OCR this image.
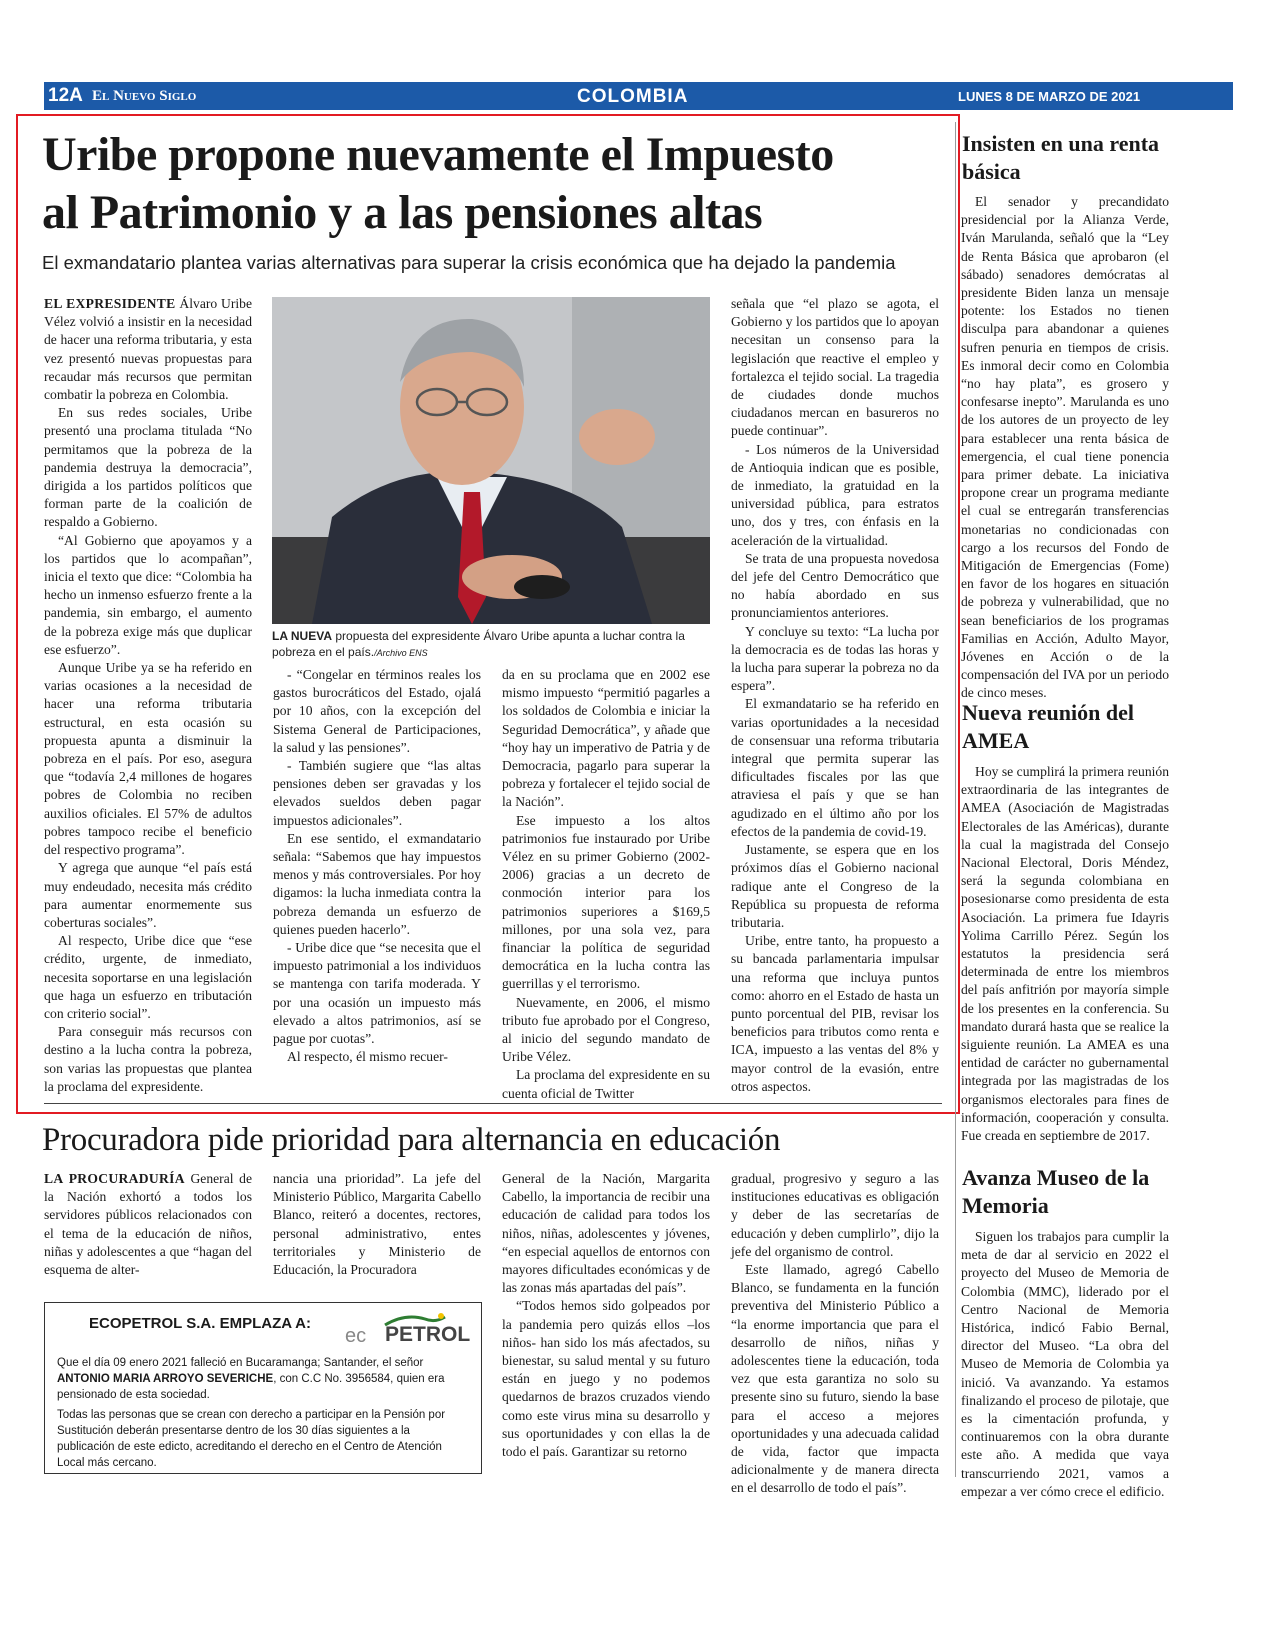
12A El Nuevo Siglo	COLOMBIA	LUNES 8 DE MARZO DE 2021
Uribe propone nuevamente el Impuesto
al Patrimonio y a las pensiones altas
El exmandatario plantea varias alternativas para superar la crisis económica que ha dejado la pandemia

EL EXPRESIDENTE Álvaro Uribe Vélez volvió a insistir en la necesidad de hacer una reforma tributaria, y esta vez presentó nuevas propuestas para recaudar más recursos que permitan combatir la pobreza en Colombia.

En sus redes sociales, Uribe presentó una proclama titulada “No permitamos que la pobreza de la pandemia destruya la democracia”, dirigida a los partidos políticos que forman parte de la coalición de respaldo a Gobierno.

“Al Gobierno que apoyamos y a los partidos que lo acompañan”, inicia el texto que dice: “Colombia ha hecho un inmenso esfuerzo frente a la pandemia, sin embargo, el aumento de la pobreza exige más que duplicar ese esfuerzo”.

Aunque Uribe ya se ha referido en varias ocasiones a la necesidad de hacer una reforma tributaria estructural, en esta ocasión su propuesta apunta a disminuir la pobreza en el país. Por eso, asegura que “todavía 2,4 millones de hogares pobres de Colombia no reciben auxilios oficiales. El 57% de adultos pobres tampoco recibe el beneficio del respectivo programa”.

Y agrega que aunque “el país está muy endeudado, necesita más crédito para aumentar enormemente sus coberturas sociales”.

Al respecto, Uribe dice que “ese crédito, urgente, de inmediato, necesita soportarse en una legislación que haga un esfuerzo en tributación con criterio social”.

Para conseguir más recursos con destino a la lucha contra la pobreza, son varias las propuestas que plantea la proclama del expresidente.

LA NUEVA propuesta del expresidente Álvaro Uribe apunta a luchar contra la pobreza en el país./Archivo ENS

- “Congelar en términos reales los gastos burocráticos del Estado, ojalá por 10 años, con la excepción del Sistema General de Participaciones, la salud y las pensiones”.

- También sugiere que “las altas pensiones deben ser gravadas y los elevados sueldos deben pagar impuestos adicionales”.

En ese sentido, el exmandatario señala: “Sabemos que hay impuestos menos y más controversiales. Por hoy digamos: la lucha inmediata contra la pobreza demanda un esfuerzo de quienes pueden hacerlo”.

- Uribe dice que “se necesita que el impuesto patrimonial a los individuos se mantenga con tarifa moderada. Y por una ocasión un impuesto más elevado a altos patrimonios, así se pague por cuotas”.

Al respecto, él mismo recuer-

da en su proclama que en 2002 ese mismo impuesto “permitió pagarles a los soldados de Colombia e iniciar la Seguridad Democrática”, y añade que “hoy hay un imperativo de Patria y de Democracia, pagarlo para superar la pobreza y fortalecer el tejido social de la Nación”.

Ese impuesto a los altos patrimonios fue instaurado por Uribe Vélez en su primer Gobierno (2002-2006) gracias a un decreto de conmoción interior para los patrimonios superiores a $169,5 millones, por una sola vez, para financiar la política de seguridad democrática en la lucha contra las guerrillas y el terrorismo.

Nuevamente, en 2006, el mismo tributo fue aprobado por el Congreso, al inicio del segundo mandato de Uribe Vélez.

La proclama del expresidente en su cuenta oficial de Twitter

señala que “el plazo se agota, el Gobierno y los partidos que lo apoyan necesitan un consenso para la legislación que reactive el empleo y fortalezca el tejido social. La tragedia de ciudades donde muchos ciudadanos mercan en basureros no puede continuar”.

- Los números de la Universidad de Antioquia indican que es posible, de inmediato, la gratuidad en la universidad pública, para estratos uno, dos y tres, con énfasis en la aceleración de la virtualidad.

Se trata de una propuesta novedosa del jefe del Centro Democrático que no había abordado en sus pronunciamientos anteriores.

Y concluye su texto: “La lucha por la democracia es de todas las horas y la lucha para superar la pobreza no da espera”.

El exmandatario se ha referido en varias oportunidades a la necesidad de consensuar una reforma tributaria integral que permita superar las dificultades fiscales por las que atraviesa el país y que se han agudizado en el último año por los efectos de la pandemia de covid-19.

Justamente, se espera que en los próximos días el Gobierno nacional radique ante el Congreso de la República su propuesta de reforma tributaria.

Uribe, entre tanto, ha propuesto a su bancada parlamentaria impulsar una reforma que incluya puntos como: ahorro en el Estado de hasta un punto porcentual del PIB, revisar los beneficios para tributos como renta e ICA, impuesto a las ventas del 8% y mayor control de la evasión, entre otros aspectos.

Procuradora pide prioridad para alternancia en educación

LA PROCURADURÍA General de la Nación exhortó a todos los servidores públicos relacionados con el tema de la educación de niños, niñas y adolescentes a que “hagan del esquema de alter-

nancia una prioridad”. La jefe del Ministerio Público, Margarita Cabello Blanco, reiteró a docentes, rectores, personal administrativo, entes territoriales y Ministerio de Educación, la Procuradora

General de la Nación, Margarita Cabello, la importancia de recibir una educación de calidad para todos los niños, niñas, adolescentes y jóvenes, “en especial aquellos de entornos con mayores dificultades económicas y de las zonas más apartadas del país”.

“Todos hemos sido golpeados por la pandemia pero quizás ellos –los niños- han sido los más afectados, su bienestar, su salud mental y su futuro están en juego y no podemos quedarnos de brazos cruzados viendo como este virus mina su desarrollo y sus oportunidades y con ellas la de todo el país. Garantizar su retorno

gradual, progresivo y seguro a las instituciones educativas es obligación y deber de las secretarías de educación y deben cumplirlo”, dijo la jefe del organismo de control.

Este llamado, agregó Cabello Blanco, se fundamenta en la función preventiva del Ministerio Público a “la enorme importancia que para el desarrollo de niños, niñas y adolescentes tiene la educación, toda vez que esta garantiza no solo su presente sino su futuro, siendo la base para el acceso a mejores oportunidades y una adecuada calidad de vida, factor que impacta adicionalmente y de manera directa en el desarrollo de todo el país”.

ECOPETROL S.A. EMPLAZA A:
ec PETROL
Que el día 09 enero 2021 falleció en Bucaramanga; Santander, el señor ANTONIO MARIA ARROYO SEVERICHE, con C.C No. 3956584, quien era pensionado de esta sociedad.
Todas las personas que se crean con derecho a participar en la Pensión por Sustitución deberán presentarse dentro de los 30 días siguientes a la publicación de este edicto, acreditando el derecho en el Centro de Atención Local más cercano.
Insisten en una renta básica

El senador y precandidato presidencial por la Alianza Verde, Iván Marulanda, señaló que la “Ley de Renta Básica que aprobaron (el sábado) senadores demócratas al presidente Biden lanza un mensaje potente: los Estados no tienen disculpa para abandonar a quienes sufren penuria en tiempos de crisis. Es inmoral decir como en Colombia “no hay plata”, es grosero y confesarse inepto”. Marulanda es uno de los autores de un proyecto de ley para establecer una renta básica de emergencia, el cual tiene ponencia para primer debate. La iniciativa propone crear un programa mediante el cual se entregarán transferencias monetarias no condicionadas con cargo a los recursos del Fondo de Mitigación de Emergencias (Fome) en favor de los hogares en situación de pobreza y vulnerabilidad, que no sean beneficiarios de los programas Familias en Acción, Adulto Mayor, Jóvenes en Acción o de la compensación del IVA por un periodo de cinco meses.

Nueva reunión del AMEA

Hoy se cumplirá la primera reunión extraordinaria de las integrantes de AMEA (Asociación de Magistradas Electorales de las Américas), durante la cual la magistrada del Consejo Nacional Electoral, Doris Méndez, será la segunda colombiana en posesionarse como presidenta de esta Asociación. La primera fue Idayris Yolima Carrillo Pérez. Según los estatutos la presidencia será determinada de entre los miembros del país anfitrión por mayoría simple de los presentes en la conferencia. Su mandato durará hasta que se realice la siguiente reunión. La AMEA es una entidad de carácter no gubernamental integrada por las magistradas de los organismos electorales para fines de información, cooperación y consulta. Fue creada en septiembre de 2017.

Avanza Museo de la Memoria

Siguen los trabajos para cumplir la meta de dar al servicio en 2022 el proyecto del Museo de Memoria de Colombia (MMC), liderado por el Centro Nacional de Memoria Histórica, indicó Fabio Bernal, director del Museo. “La obra del Museo de Memoria de Colombia ya inició. Va avanzando. Ya estamos finalizando el proceso de pilotaje, que es la cimentación profunda, y continuaremos con la obra durante este año. A medida que vaya transcurriendo 2021, vamos a empezar a ver cómo crece el edificio.
